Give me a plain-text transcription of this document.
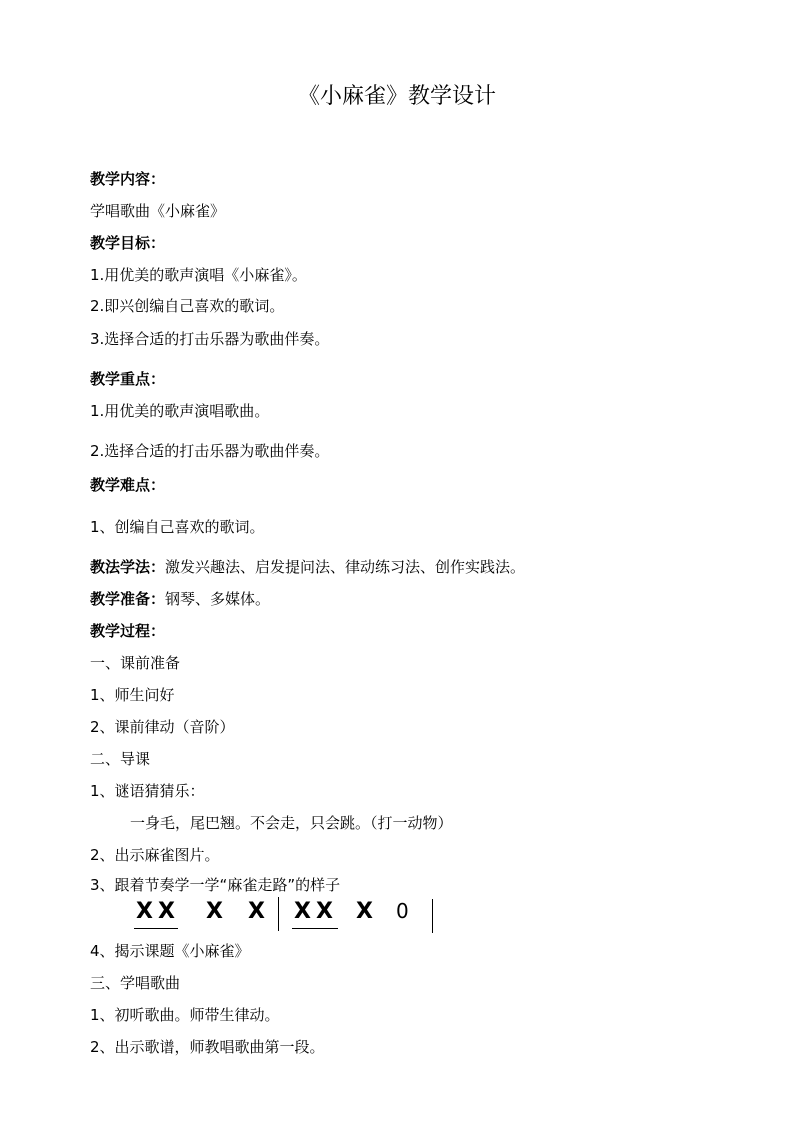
《小麻雀》教学设计
教学内容：
学唱歌曲《小麻雀》
教学目标：
1.用优美的歌声演唱《小麻雀》。
2.即兴创编自己喜欢的歌词。
3.选择合适的打击乐器为歌曲伴奏。
教学重点：
1.用优美的歌声演唱歌曲。
2.选择合适的打击乐器为歌曲伴奏。
教学难点：
1、创编自己喜欢的歌词。
教法学法：激发兴趣法、启发提问法、律动练习法、创作实践法。
教学准备：钢琴、多媒体。
教学过程：
一、课前准备
1、师生问好
2、课前律动（音阶）
二、导课
1、谜语猜猜乐：
一身毛，尾巴翘。不会走，只会跳。（打一动物）
2、出示麻雀图片。
3、跟着节奏学一学“麻雀走路”的样子
X X X X X X X 0
4、揭示课题《小麻雀》
三、学唱歌曲
1、初听歌曲。师带生律动。
2、出示歌谱，师教唱歌曲第一段。
